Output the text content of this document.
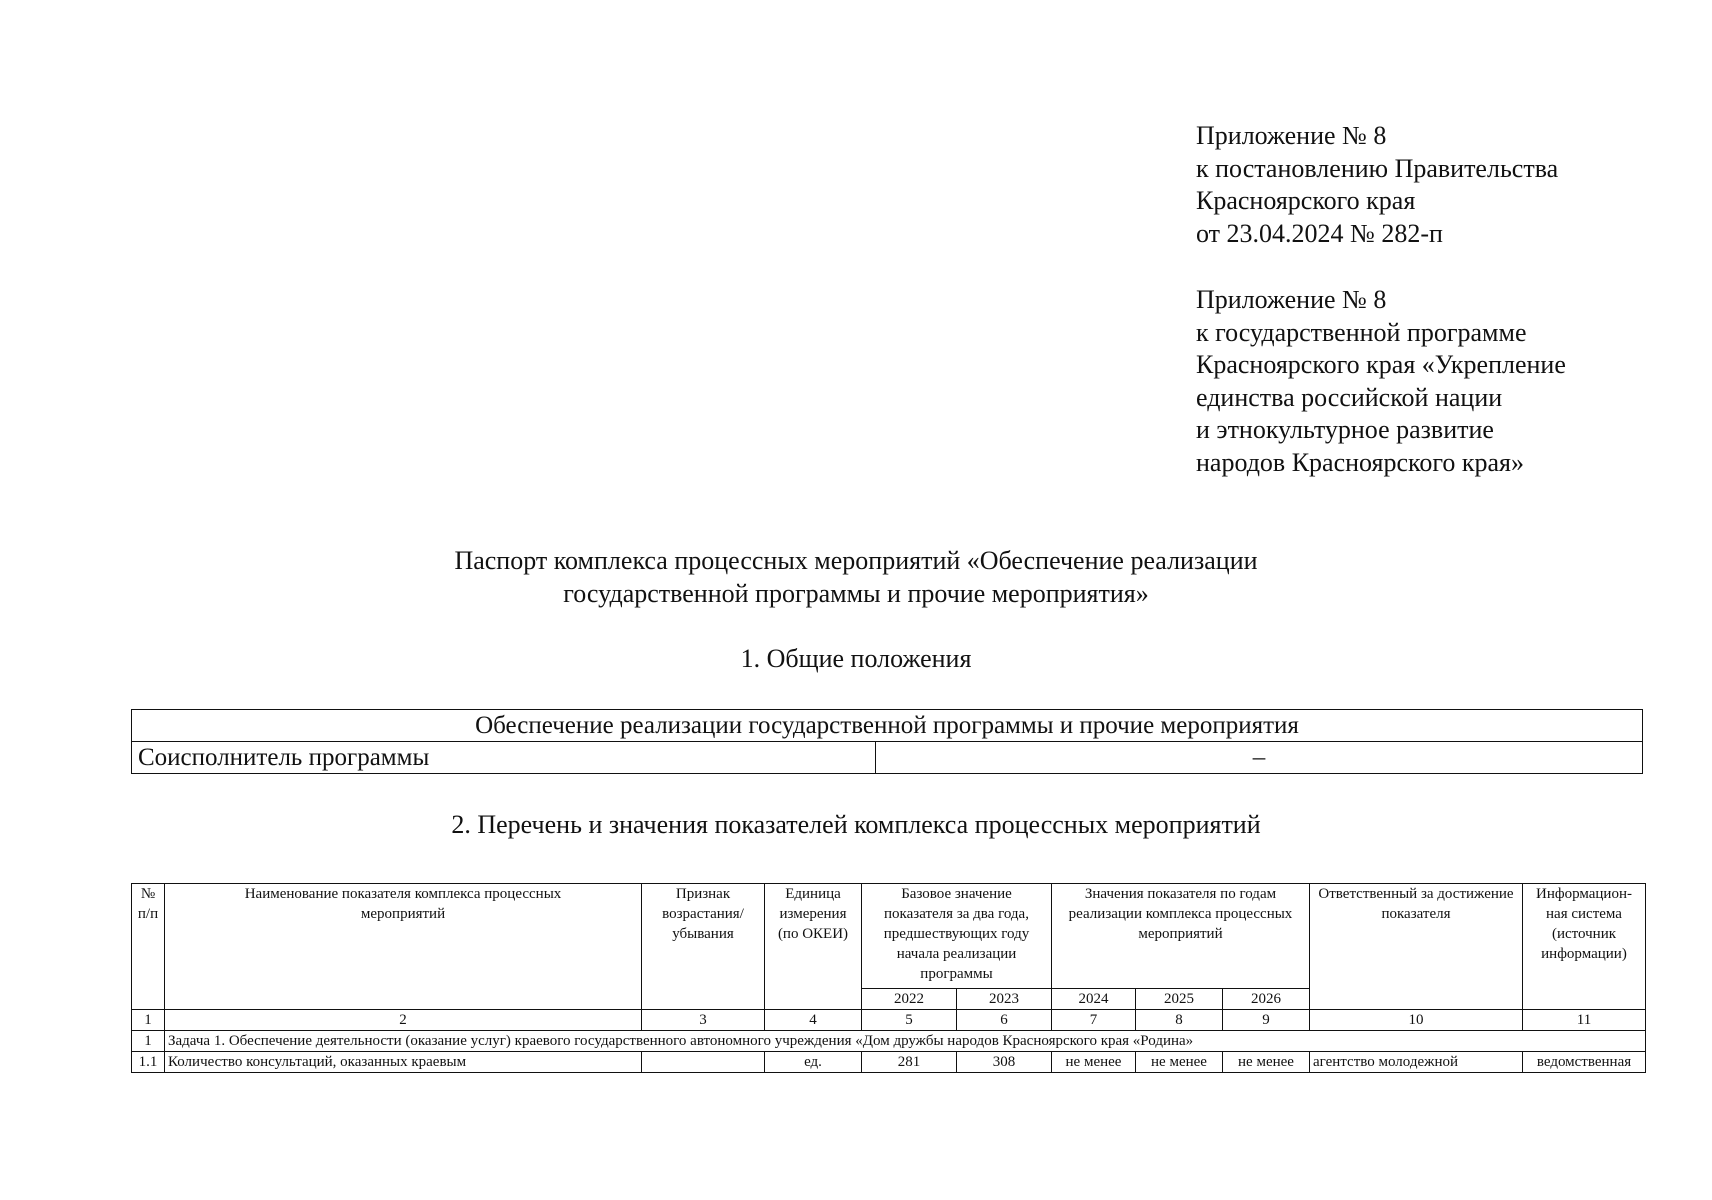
Приложение № 8
к постановлению Правительства
Красноярского края
от 23.04.2024 № 282-п
Приложение № 8
к государственной программе
Красноярского края «Укрепление
единства российской нации
и этнокультурное развитие
народов Красноярского края»
Паспорт комплекса процессных мероприятий «Обеспечение реализации
государственной программы и прочие мероприятия»
1. Общие положения
Обеспечение реализации государственной программы и прочие мероприятия
Соисполнитель программы	–
2. Перечень и значения показателей комплекса процессных мероприятий
№ п/п	Наименование показателя комплекса процессных мероприятий	Признак возрастания/ убывания	Единица измерения (по ОКЕИ)	Базовое значение показателя за два года, предшествующих году начала реализации программы		Значения показателя по годам реализации комплекса процессных мероприятий			Ответственный за достижение показателя	Информацион-ная система (источник информации)
				2022	2023	2024	2025	2026		
1	2	3	4	5	6	7	8	9	10	11
1	Задача 1. Обеспечение деятельности (оказание услуг) краевого государственного автономного учреждения «Дом дружбы народов Красноярского края «Родина»									
1.1	Количество консультаций, оказанных краевым		ед.	281	308	не менее	не менее	не менее	агентство молодежной	ведомственная
